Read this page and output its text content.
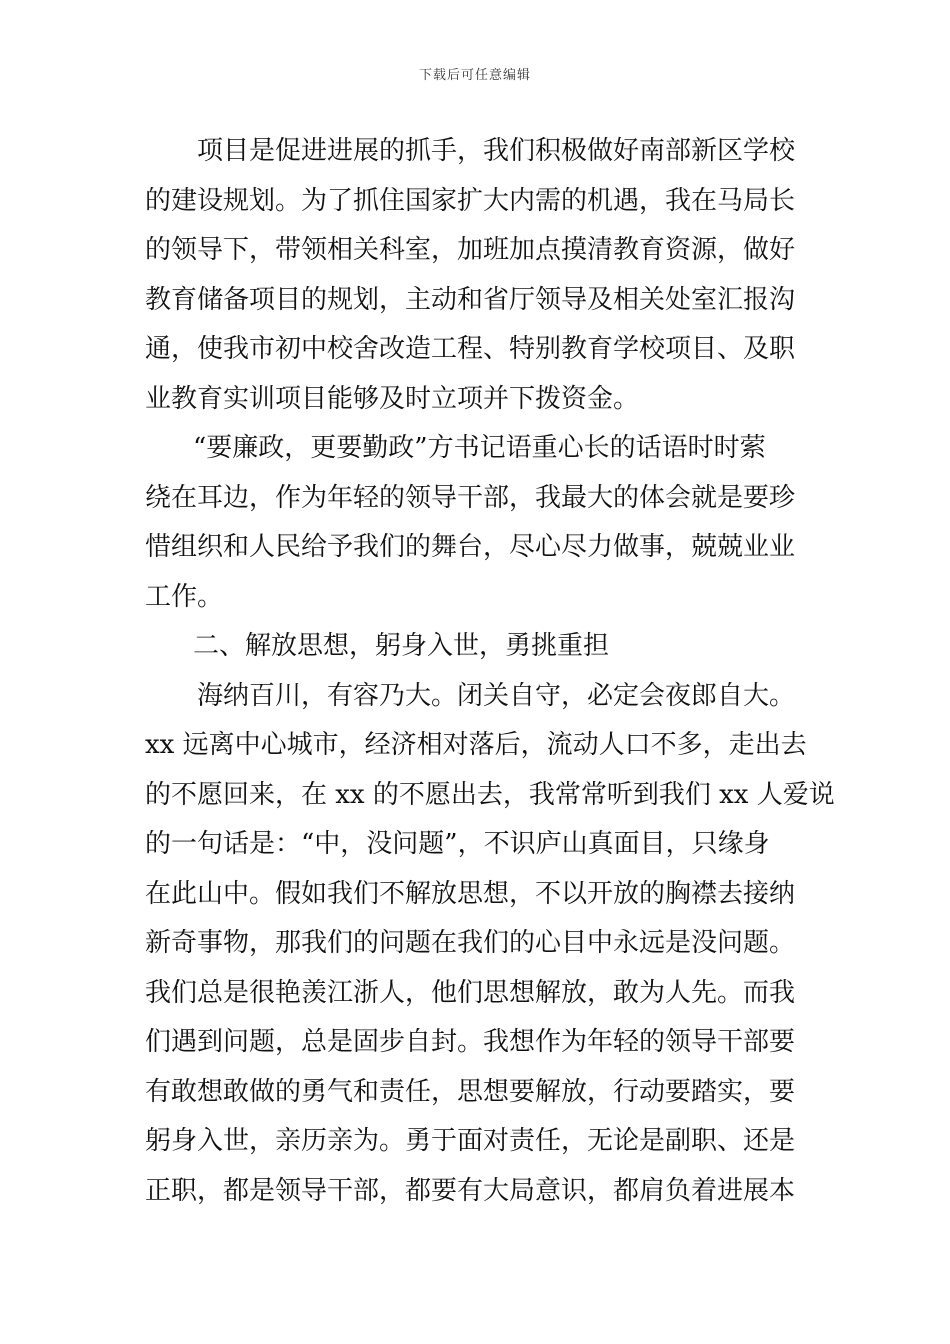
下载后可任意编辑
项目是促进进展的抓手，我们积极做好南部新区学校
的建设规划。为了抓住国家扩大内需的机遇，我在马局长
的领导下，带领相关科室，加班加点摸清教育资源，做好
教育储备项目的规划，主动和省厅领导及相关处室汇报沟
通，使我市初中校舍改造工程、特别教育学校项目、及职
业教育实训项目能够及时立项并下拨资金。
“要廉政，更要勤政”方书记语重心长的话语时时萦
绕在耳边，作为年轻的领导干部，我最大的体会就是要珍
惜组织和人民给予我们的舞台，尽心尽力做事，兢兢业业
工作。
二、解放思想，躬身入世，勇挑重担
海纳百川，有容乃大。闭关自守，必定会夜郎自大。
xx 远离中心城市，经济相对落后，流动人口不多，走出去
的不愿回来，在 xx 的不愿出去，我常常听到我们 xx 人爱说
的一句话是：“中，没问题”，不识庐山真面目，只缘身
在此山中。假如我们不解放思想，不以开放的胸襟去接纳
新奇事物，那我们的问题在我们的心目中永远是没问题。
我们总是很艳羡江浙人，他们思想解放，敢为人先。而我
们遇到问题，总是固步自封。我想作为年轻的领导干部要
有敢想敢做的勇气和责任，思想要解放，行动要踏实，要
躬身入世，亲历亲为。勇于面对责任，无论是副职、还是
正职，都是领导干部，都要有大局意识，都肩负着进展本
